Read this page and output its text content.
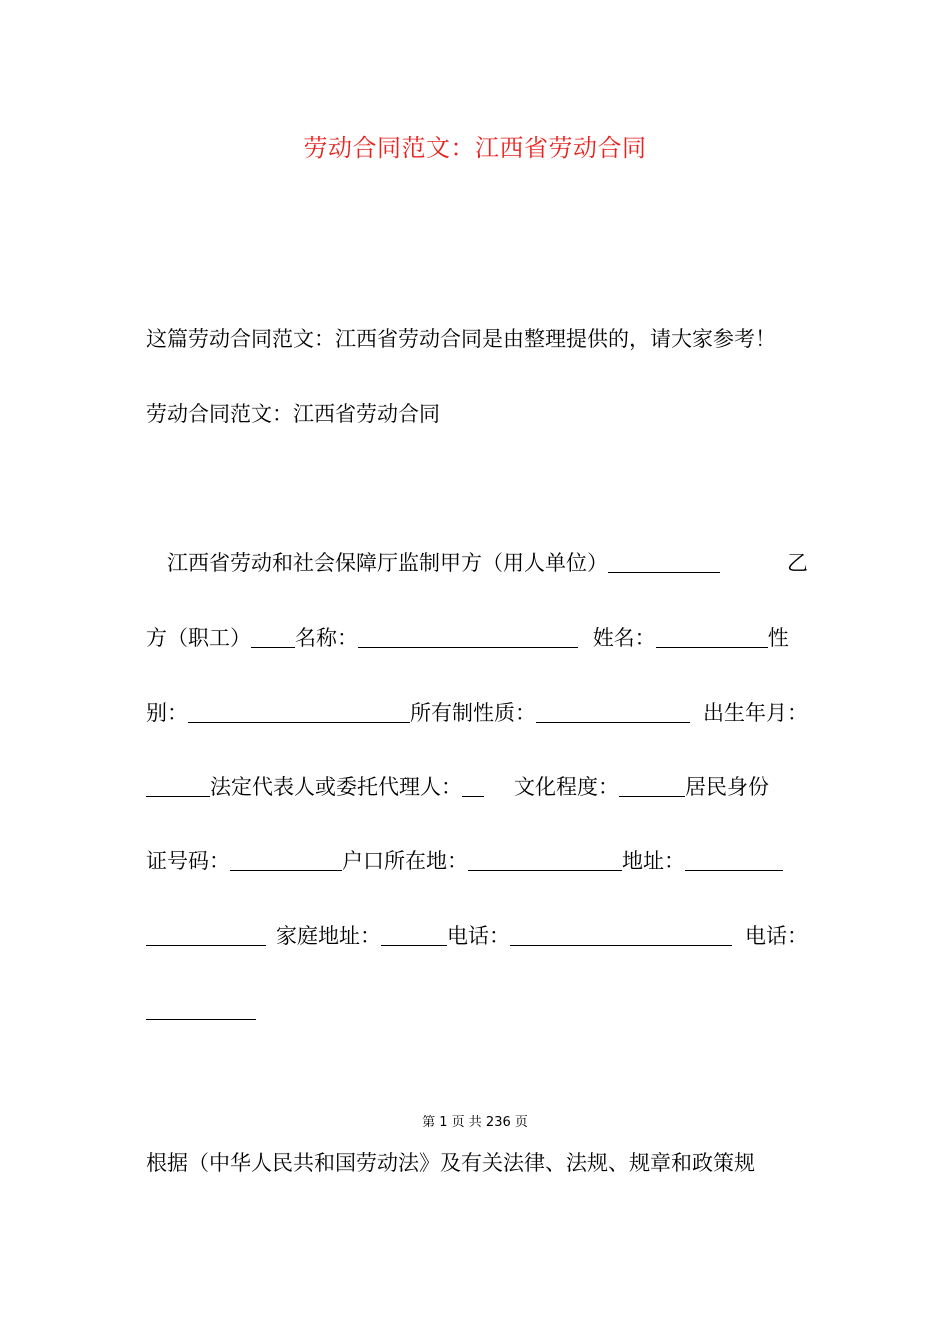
劳动合同范文：江西省劳动合同
这篇劳动合同范文：江西省劳动合同是由整理提供的，请大家参考！
劳动合同范文：江西省劳动合同
江西省劳动和社会保障厅监制甲方（用人单位）	乙
方（职工） 名称：	姓名：	性
别：	所有制性质：	出生年月：
法定代表人或委托代理人： 文化程度：	居民身份
证号码：	户口所在地：	地址：
家庭地址：	电话：	电话：
第 1 页 共 236 页
根据（中华人民共和国劳动法》及有关法律、法规、规章和政策规
